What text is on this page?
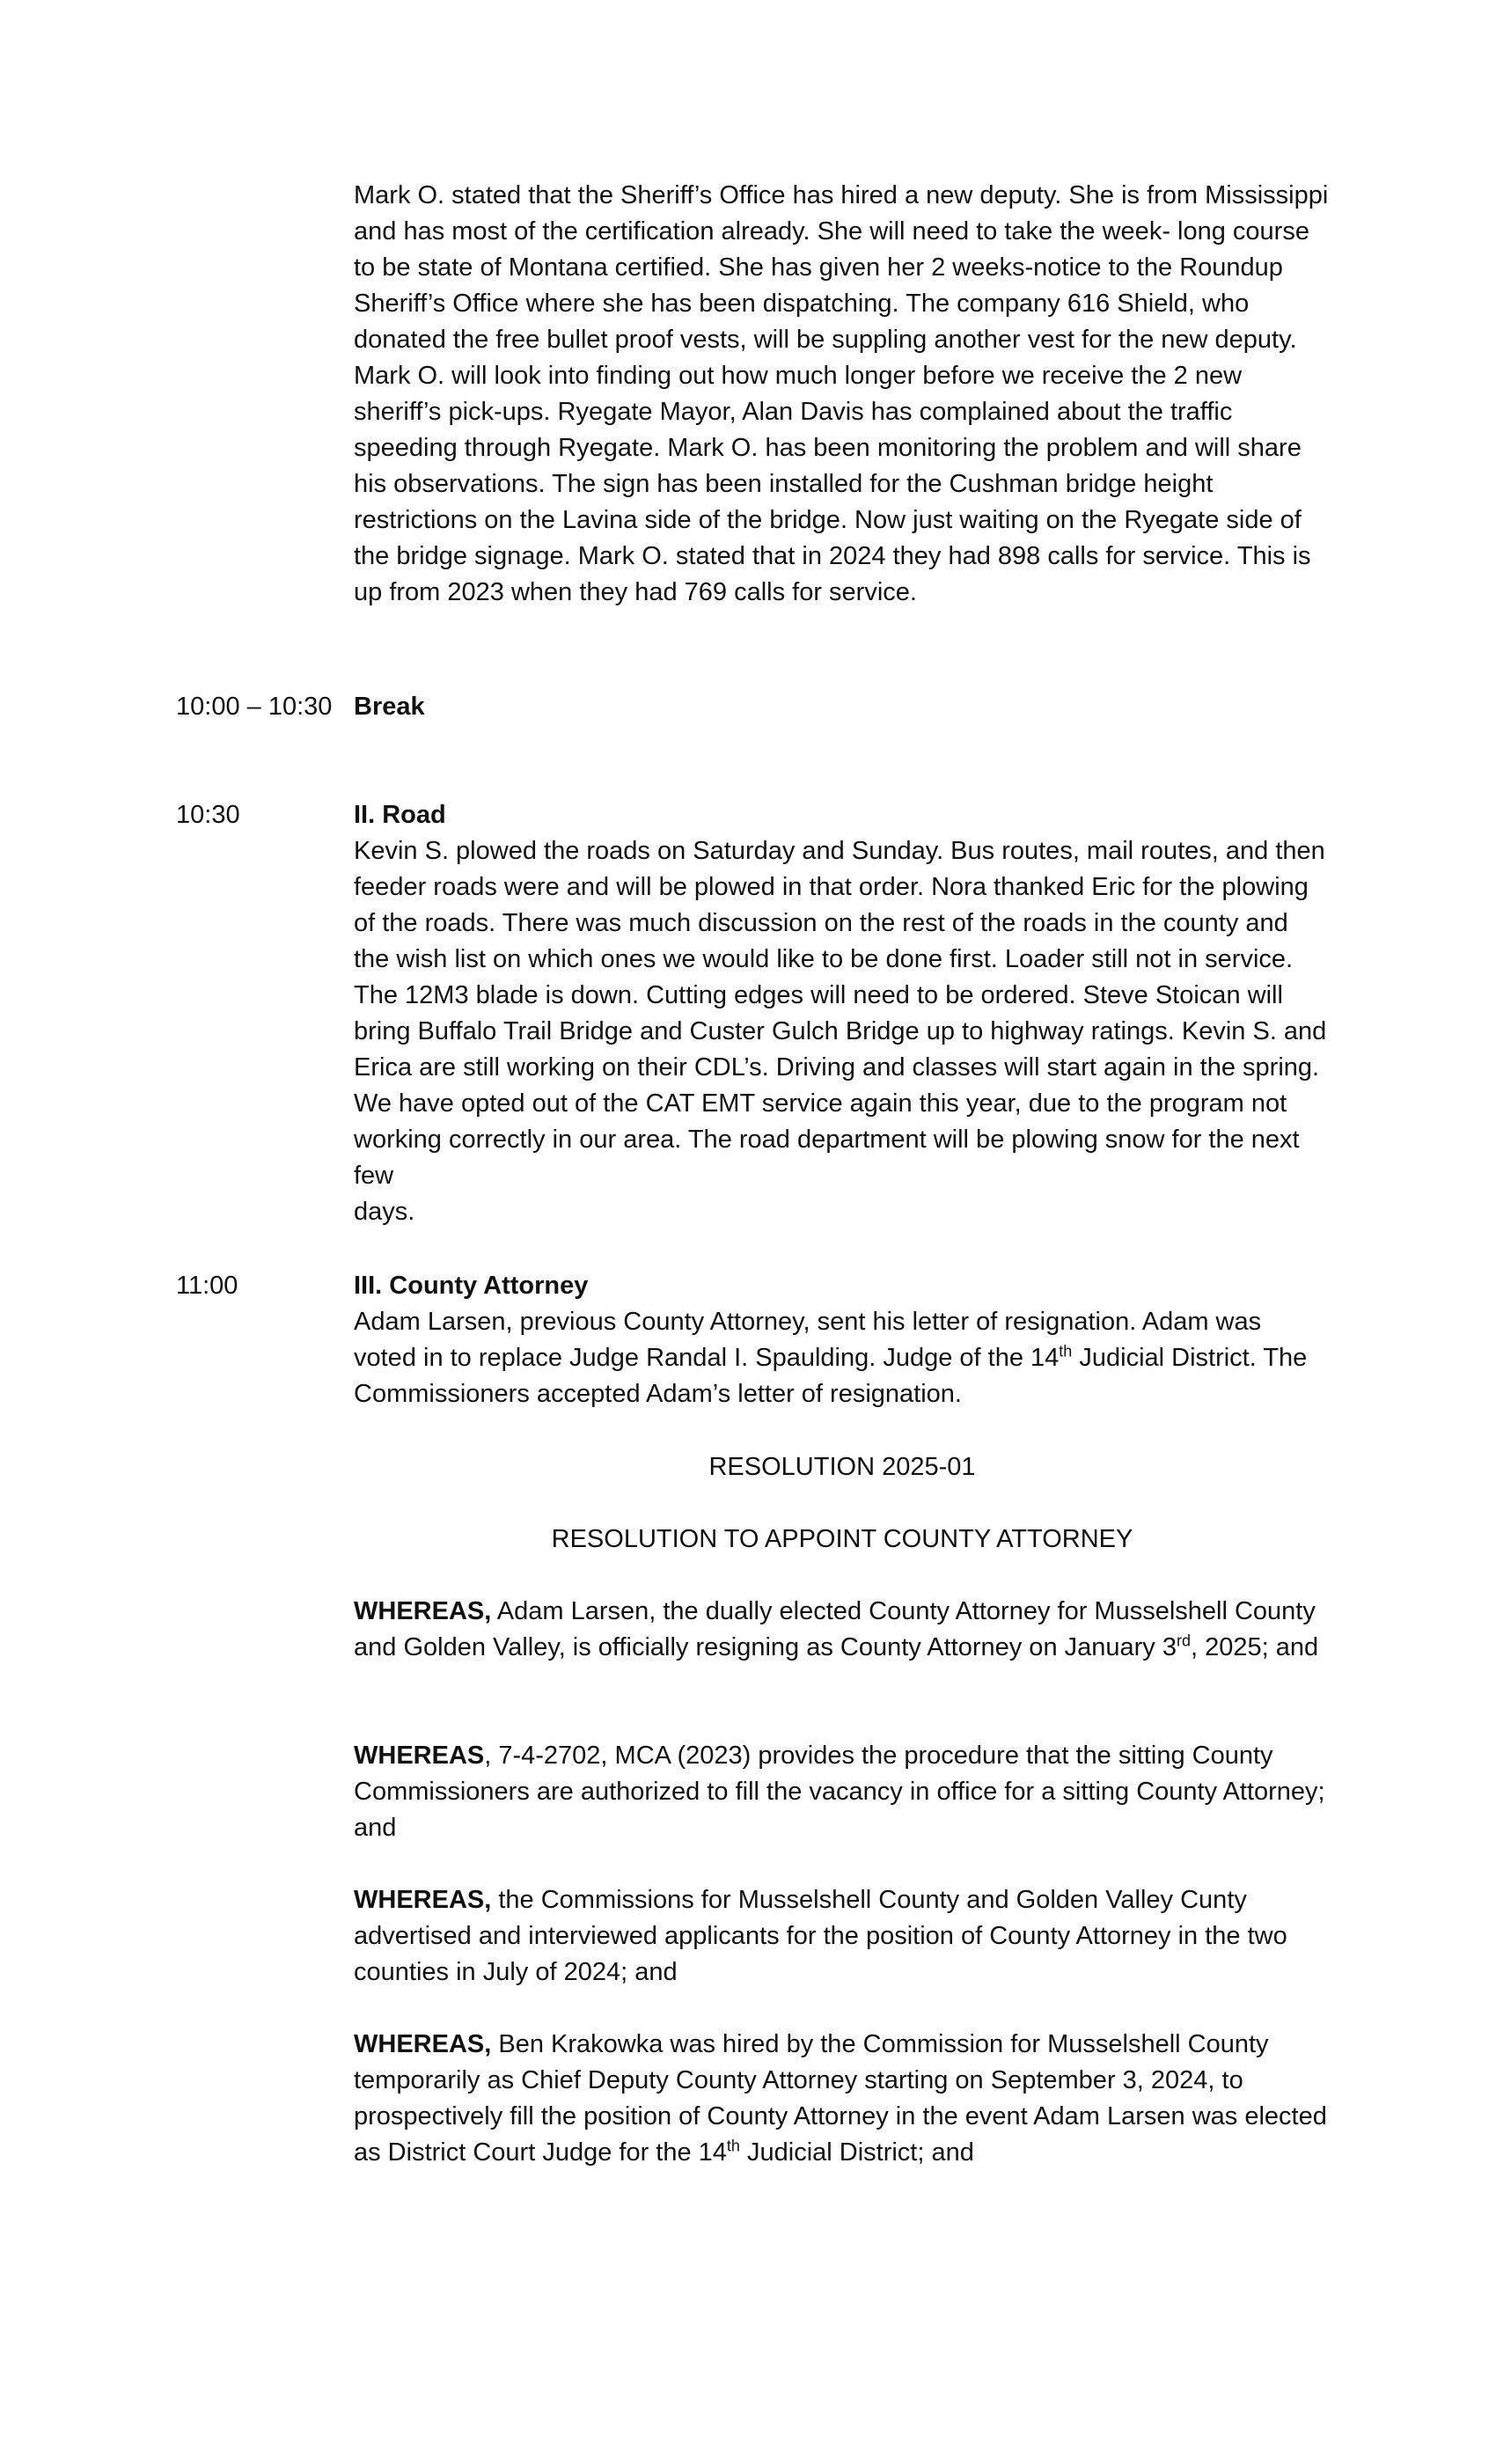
Mark O. stated that the Sheriff’s Office has hired a new deputy. She is from Mississippi and has most of the certification already. She will need to take the week- long course to be state of Montana certified. She has given her 2 weeks-notice to the Roundup Sheriff’s Office where she has been dispatching. The company 616 Shield, who donated the free bullet proof vests, will be suppling another vest for the new deputy. Mark O. will look into finding out how much longer before we receive the 2 new sheriff’s pick-ups. Ryegate Mayor, Alan Davis has complained about the traffic speeding through Ryegate. Mark O. has been monitoring the problem and will share his observations. The sign has been installed for the Cushman bridge height restrictions on the Lavina side of the bridge. Now just waiting on the Ryegate side of the bridge signage. Mark O. stated that in 2024 they had 898 calls for service. This is up from 2023 when they had 769 calls for service.

10:00 – 10:30 Break
10:30	II. Road

Kevin S. plowed the roads on Saturday and Sunday. Bus routes, mail routes, and then feeder roads were and will be plowed in that order. Nora thanked Eric for the plowing of the roads. There was much discussion on the rest of the roads in the county and the wish list on which ones we would like to be done first. Loader still not in service. The 12M3 blade is down. Cutting edges will need to be ordered. Steve Stoican will bring Buffalo Trail Bridge and Custer Gulch Bridge up to highway ratings. Kevin S. and Erica are still working on their CDL’s. Driving and classes will start again in the spring. We have opted out of the CAT EMT service again this year, due to the program not working correctly in our area. The road department will be plowing snow for the next few

days.

11:00	III. County Attorney

Adam Larsen, previous County Attorney, sent his letter of resignation. Adam was voted in to replace Judge Randal I. Spaulding. Judge of the 14th Judicial District. The Commissioners accepted Adam’s letter of resignation.

RESOLUTION 2025-01
RESOLUTION TO APPOINT COUNTY ATTORNEY

WHEREAS, Adam Larsen, the dually elected County Attorney for Musselshell County and Golden Valley, is officially resigning as County Attorney on January 3rd, 2025; and

WHEREAS, 7-4-2702, MCA (2023) provides the procedure that the sitting County Commissioners are authorized to fill the vacancy in office for a sitting County Attorney; and

WHEREAS, the Commissions for Musselshell County and Golden Valley Cunty advertised and interviewed applicants for the position of County Attorney in the two counties in July of 2024; and

WHEREAS, Ben Krakowka was hired by the Commission for Musselshell County temporarily as Chief Deputy County Attorney starting on September 3, 2024, to prospectively fill the position of County Attorney in the event Adam Larsen was elected as District Court Judge for the 14th Judicial District; and
